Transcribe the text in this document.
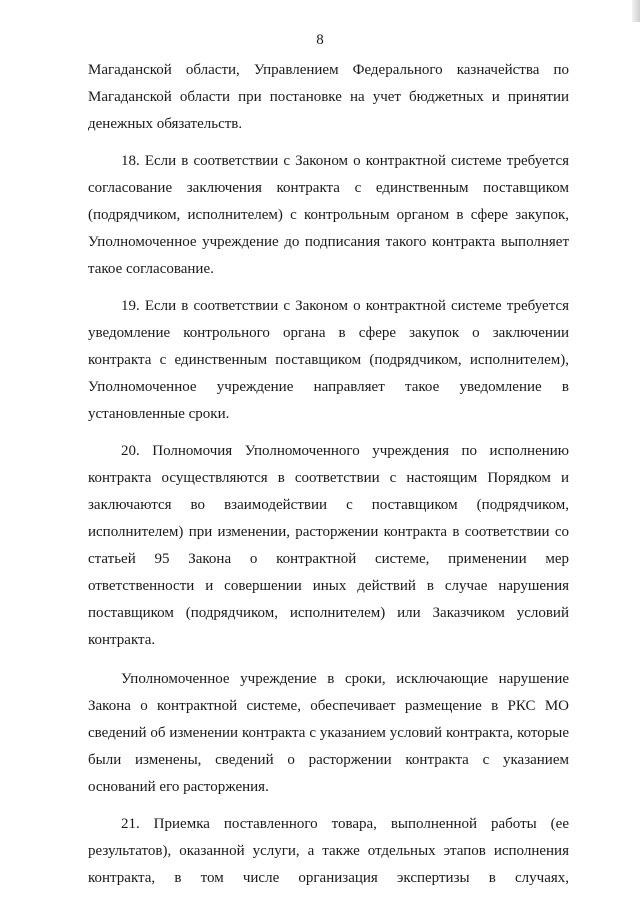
8

Магаданской области, Управлением Федерального казначейства по Магаданской области при постановке на учет бюджетных и принятии денежных обязательств.

18. Если в соответствии с Законом о контрактной системе требуется согласование заключения контракта с единственным поставщиком (подрядчиком, исполнителем) с контрольным органом в сфере закупок, Уполномоченное учреждение до подписания такого контракта выполняет такое согласование.

19. Если в соответствии с Законом о контрактной системе требуется уведомление контрольного органа в сфере закупок о заключении контракта с единственным поставщиком (подрядчиком, исполнителем), Уполномоченное учреждение направляет такое уведомление в установленные сроки.

20. Полномочия Уполномоченного учреждения по исполнению контракта осуществляются в соответствии с настоящим Порядком и заключаются во взаимодействии с поставщиком (подрядчиком, исполнителем) при изменении, расторжении контракта в соответствии со статьей 95 Закона о контрактной системе, применении мер ответственности и совершении иных действий в случае нарушения поставщиком (подрядчиком, исполнителем) или Заказчиком условий контракта.

Уполномоченное учреждение в сроки, исключающие нарушение Закона о контрактной системе, обеспечивает размещение в РКС МО сведений об изменении контракта с указанием условий контракта, которые были изменены, сведений о расторжении контракта с указанием оснований его расторжения.

21. Приемка поставленного товара, выполненной работы (ее результатов), оказанной услуги, а также отдельных этапов исполнения контракта, в том числе организация экспертизы в случаях,
